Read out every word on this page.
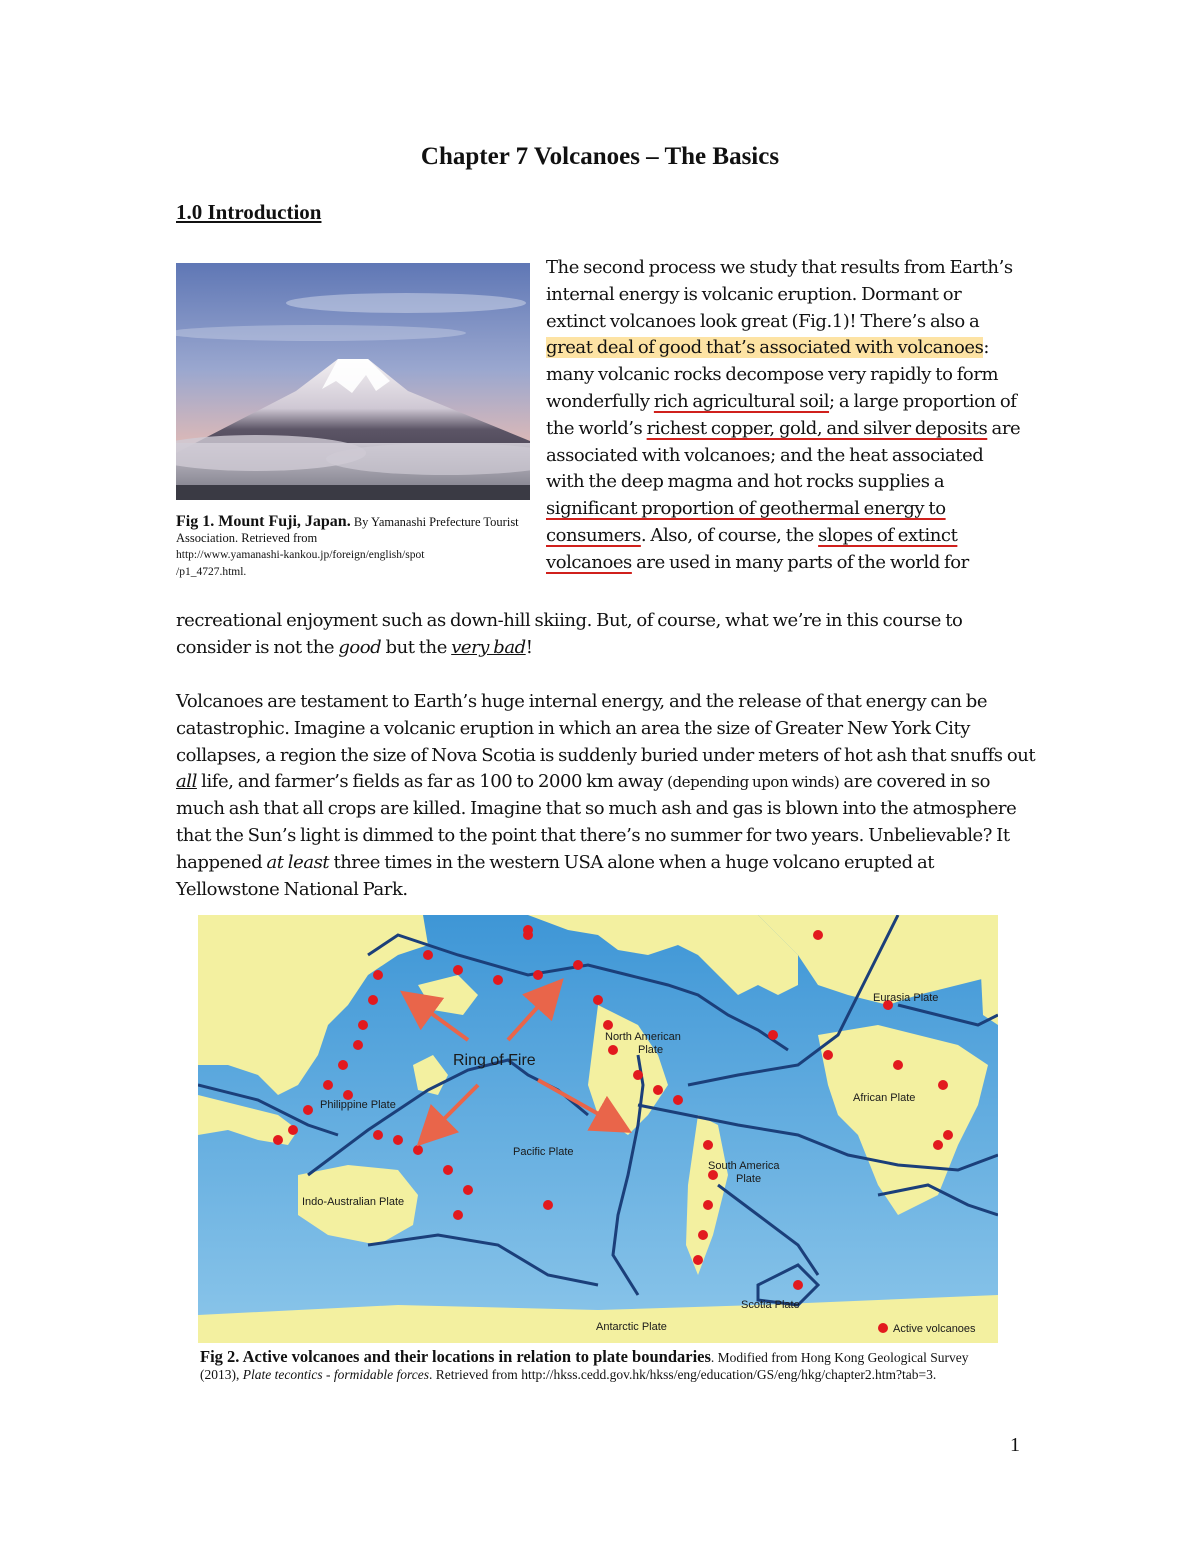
Chapter 7 Volcanoes – The Basics
1.0 Introduction
Fig 1. Mount Fuji, Japan. By Yamanashi Prefecture Tourist Association. Retrieved from
http://www.yamanashi-kankou.jp/foreign/english/spot
/p1_4727.html.

The second process we study that results from Earth’s internal energy is volcanic eruption. Dormant or extinct volcanoes look great (Fig.1)! There’s also a great deal of good that’s associated with volcanoes: many volcanic rocks decompose very rapidly to form wonderfully rich agricultural soil; a large proportion of the world’s richest copper, gold, and silver deposits are associated with volcanoes; and the heat associated with the deep magma and hot rocks supplies a significant proportion of geothermal energy to consumers. Also, of course, the slopes of extinct volcanoes are used in many parts of the world for

recreational enjoyment such as down-hill skiing. But, of course, what we’re in this course to consider is not the good but the very bad!

Volcanoes are testament to Earth’s huge internal energy, and the release of that energy can be catastrophic. Imagine a volcanic eruption in which an area the size of Greater New York City collapses, a region the size of Nova Scotia is suddenly buried under meters of hot ash that snuffs out all life, and farmer’s fields as far as 100 to 2000 km away (depending upon winds) are covered in so much ash that all crops are killed. Imagine that so much ash and gas is blown into the atmosphere that the Sun’s light is dimmed to the point that there’s no summer for two years. Unbelievable? It happened at least three times in the western USA alone when a huge volcano erupted at Yellowstone National Park.

Ring of Fire
Eurasia Plate
North American
Plate
African Plate
Philippine Plate
Pacific Plate
South America
Plate
Indo-Australian Plate
Scotia Plate
Antarctic Plate	Active volcanoes
Fig 2. Active volcanoes and their locations in relation to plate boundaries. Modified from Hong Kong Geological Survey (2013), Plate tecontics - formidable forces. Retrieved from http://hkss.cedd.gov.hk/hkss/eng/education/GS/eng/hkg/chapter2.htm?tab=3.
1
